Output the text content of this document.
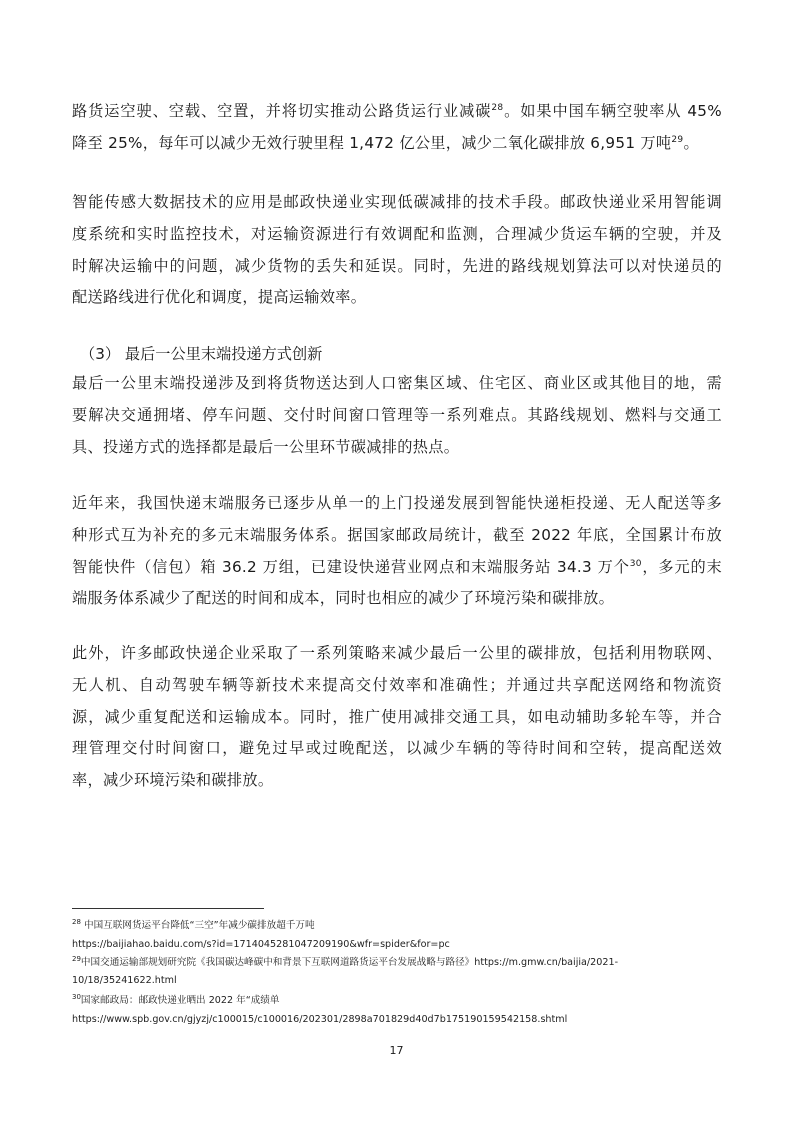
路货运空驶、空载、空置，并将切实推动公路货运行业减碳$^{28}$。如果中国车辆空驶率从 45%
降至 25%，每年可以减少无效行驶里程 1,472 亿公里，减少二氧化碳排放 6,951 万吨$^{29}$。
智能传感大数据技术的应用是邮政快递业实现低碳减排的技术手段。邮政快递业采用智能调
度系统和实时监控技术，对运输资源进行有效调配和监测，合理减少货运车辆的空驶，并及
时解决运输中的问题，减少货物的丢失和延误。同时，先进的路线规划算法可以对快递员的
配送路线进行优化和调度，提高运输效率。

（3） 最后一公里末端投递方式创新

最后一公里末端投递涉及到将货物送达到人口密集区域、住宅区、商业区或其他目的地，需
要解决交通拥堵、停车问题、交付时间窗口管理等一系列难点。其路线规划、燃料与交通工
具、投递方式的选择都是最后一公里环节碳减排的热点。
近年来，我国快递末端服务已逐步从单一的上门投递发展到智能快递柜投递、无人配送等多
种形式互为补充的多元末端服务体系。据国家邮政局统计，截至 2022 年底，全国累计布放
智能快件（信包）箱 36.2 万组，已建设快递营业网点和末端服务站 34.3 万个$^{30}$，多元的末
端服务体系减少了配送的时间和成本，同时也相应的减少了环境污染和碳排放。
此外，许多邮政快递企业采取了一系列策略来减少最后一公里的碳排放，包括利用物联网、
无人机、自动驾驶车辆等新技术来提高交付效率和准确性；并通过共享配送网络和物流资
源，减少重复配送和运输成本。同时，推广使用减排交通工具，如电动辅助多轮车等，并合
理管理交付时间窗口，避免过早或过晚配送，以减少车辆的等待时间和空转，提高配送效
率，减少环境污染和碳排放。

$^{28}$ 中国互联网货运平台降低“三空”年减少碳排放超千万吨

https://baijiahao.baidu.com/s?id=1714045281047209190&wfr=spider&for=pc

$^{29}$中国交通运输部规划研究院《我国碳达峰碳中和背景下互联网道路货运平台发展战略与路径》https://m.gmw.cn/baijia/2021-

10/18/35241622.html

$^{30}$国家邮政局：邮政快递业晒出 2022 年“成绩单

https://www.spb.gov.cn/gjyzj/c100015/c100016/202301/2898a701829d40d7b175190159542158.shtml

17
